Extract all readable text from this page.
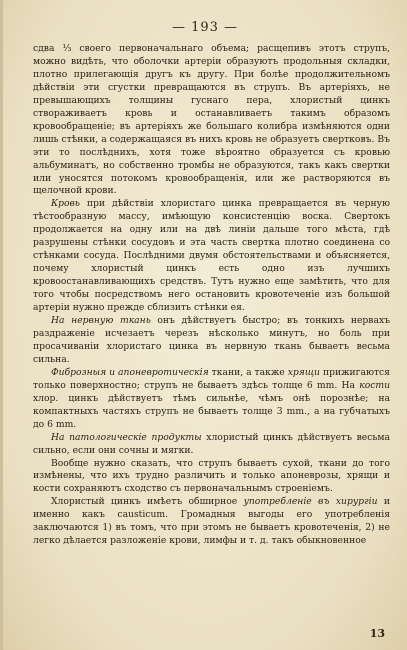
— 193 —

сдва ⅓ своего первоначальнаго объема; расщепивъ этотъ струпъ, можно видѣть, что оболочки артеріи образуютъ продольныя складки, плотно прилегающія другъ къ другу. При болѣе продолжительномъ дѣйствіи эти сгустки превращаются въ струпъ. Въ артеріяхъ, не превышающихъ толщины гуснаго пера, хлористый цинкъ створаживаетъ кровь и останавливаетъ такимъ образомъ кровообращеніе; въ артеріяхъ же большаго колибра измѣняются одни лишь стѣнки, а содержащаяся въ нихъ кровь не образуетъ свертковъ. Въ эти то послѣднихъ, хотя тоже вѣроятно образуется съ кровью альбуминатъ, но собственно тромбы не образуются, такъ какъ свертки или уносятся потокомъ кровообращенія, или же растворяются въ щелочной крови.

Кровь при дѣйствіи хлористаго цинка превращается въ черную тѣстообразную массу, имѣющую консистенцію воска. Свертокъ продолжается на одну или на двѣ линіи дальше того мѣста, гдѣ разрушены стѣнки сосудовъ и эта часть свертка плотно соединена со стѣнками сосуда. Послѣдними двумя обстоятельствами и объясняется, почему хлористый цинкъ есть одно изъ лучшихъ кровоостанавливающихъ средствъ. Тутъ нужно еще замѣтить, что для того чтобы посредствомъ него остановить кровотеченіе изъ большой артеріи нужно прежде сблизить стѣнки ея.

На нервную ткань онъ дѣйствуетъ быстро; въ тонкихъ нервахъ раздраженіе исчезаетъ черезъ нѣсколько минутъ, но боль при просачиваніи хлористаго цинка въ нервную ткань бываетъ весьма сильна.

Фиброзныя и апоневротическія ткани, а также хрящи прижигаются только поверхностно; струпъ не бываетъ здѣсь толще 6 mm. На кости хлор. цинкъ дѣйствуетъ тѣмъ сильнѣе, чѣмъ онѣ порознѣе; на компактныхъ частяхъ струпъ не бываетъ толще 3 mm., а на губчатыхъ до 6 mm.

На патологическіе продукты хлористый цинкъ дѣйствуетъ весьма сильно, если они сочны и мягки.

Вообще нужно сказать, что струпъ бываетъ сухой, ткани до того измѣнены, что ихъ трудно различить и только апоневрозы, хрящи и кости сохраняютъ сходство съ первоначальнымъ строеніемъ.

Хлористый цинкъ имѣетъ обширное употребленіе въ хирургіи и именно какъ causticum. Громадныя выгоды его употребленія заключаются 1) въ томъ, что при этомъ не бываетъ кровотеченія, 2) не легко дѣлается разложеніе крови, лимфы и т. д. такъ обыкновенное

13
